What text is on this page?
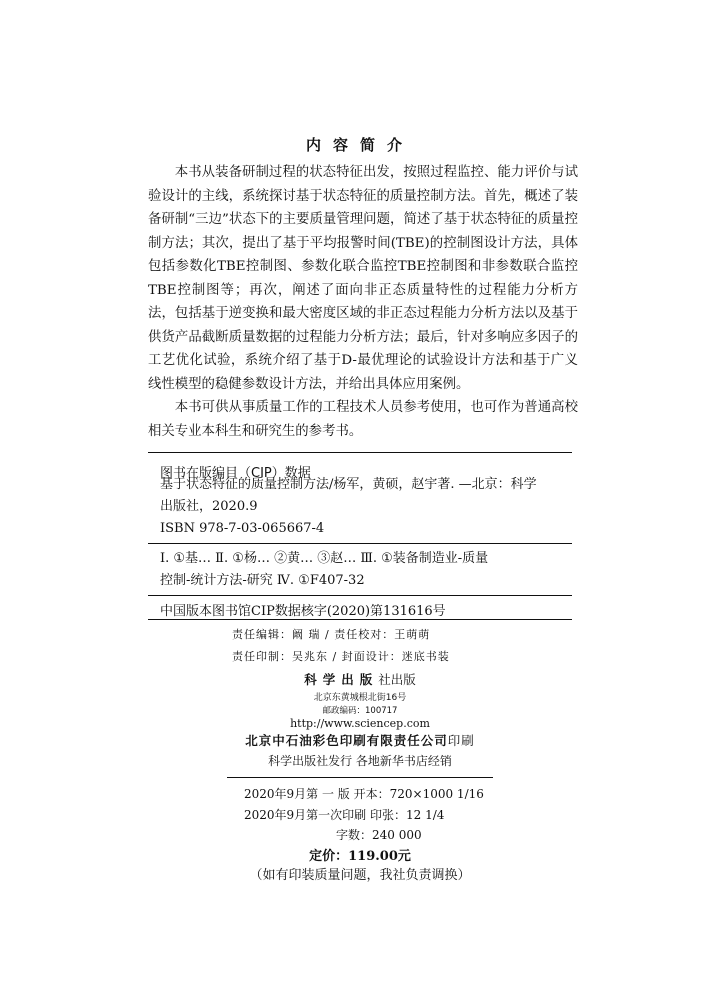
内容简介

本书从装备研制过程的状态特征出发，按照过程监控、能力评价与试验设计的主线，系统探讨基于状态特征的质量控制方法。首先，概述了装备研制“三边”状态下的主要质量管理问题，简述了基于状态特征的质量控制方法；其次，提出了基于平均报警时间(TBE)的控制图设计方法，具体包括参数化TBE控制图、参数化联合监控TBE控制图和非参数联合监控TBE控制图等；再次，阐述了面向非正态质量特性的过程能力分析方法，包括基于逆变换和最大密度区域的非正态过程能力分析方法以及基于供货产品截断质量数据的过程能力分析方法；最后，针对多响应多因子的工艺优化试验，系统介绍了基于D-最优理论的试验设计方法和基于广义线性模型的稳健参数设计方法，并给出具体应用案例。

本书可供从事质量工作的工程技术人员参考使用，也可作为普通高校相关专业本科生和研究生的参考书。

图书在版编目（CIP）数据
基于状态特征的质量控制方法/杨军，黄硕，赵宇著. —北京：科学
出版社，2020.9
ISBN 978-7-03-065667-4
Ⅰ. ①基… Ⅱ. ①杨… ②黄… ③赵… Ⅲ. ①装备制造业-质量
控制-统计方法-研究 Ⅳ. ①F407-32
中国版本图书馆CIP数据核字(2020)第131616号
责任编辑：阚 瑞 / 责任校对：王萌萌
责任印制：吴兆东 / 封面设计：迷底书装
科学出版社出版
北京东黄城根北街16号
邮政编码：100717
http://www.sciencep.com
北京中石油彩色印刷有限责任公司印刷
科学出版社发行 各地新华书店经销
2020年9月第 一 版 开本：720×1000 1/16
2020年9月第一次印刷 印张：12 1/4
字数：240 000
定价：119.00元
（如有印装质量问题，我社负责调换）
